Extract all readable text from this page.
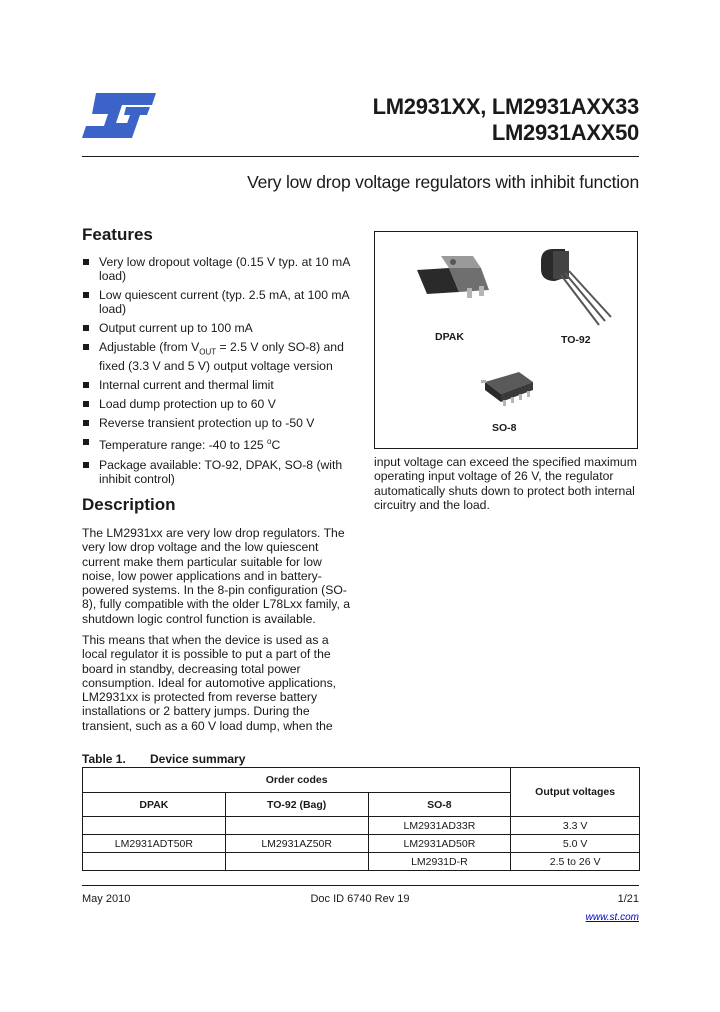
LM2931XX, LM2931AXX33
LM2931AXX50
Very low drop voltage regulators with inhibit function
Features
Very low dropout voltage (0.15 V typ. at 10 mA load)
Low quiescent current (typ. 2.5 mA, at 100 mA load)
Output current up to 100 mA
Adjustable (from $V_{OUT} = 2.5$ V only SO-8) and fixed (3.3 V and 5 V) output voltage version
Internal current and thermal limit
Load dump protection up to 60 V
Reverse transient protection up to -50 V
Temperature range: -40 to 125 $^o$C
Package available: TO-92, DPAK, SO-8 (with inhibit control)
DPAK	TO-92
SO-8
input voltage can exceed the specified maximum operating input voltage of 26 V, the regulator automatically shuts down to protect both internal circuitry and the load.
Description
The LM2931xx are very low drop regulators. The very low drop voltage and the low quiescent current make them particular suitable for low noise, low power applications and in battery-powered systems. In the 8-pin configuration (SO-8), fully compatible with the older L78Lxx family, a shutdown logic control function is available.
This means that when the device is used as a local regulator it is possible to put a part of the board in standby, decreasing total power consumption. Ideal for automotive applications, LM2931xx is protected from reverse battery installations or 2 battery jumps. During the transient, such as a 60 V load dump, when the
Table 1. Device summary
Order codes			Output voltages
DPAK	TO-92 (Bag)	SO-8	
		LM2931AD33R	3.3 V
LM2931ADT50R	LM2931AZ50R	LM2931AD50R	5.0 V
		LM2931D-R	2.5 to 26 V
May 2010	Doc ID 6740 Rev 19	1/21
www.st.com
